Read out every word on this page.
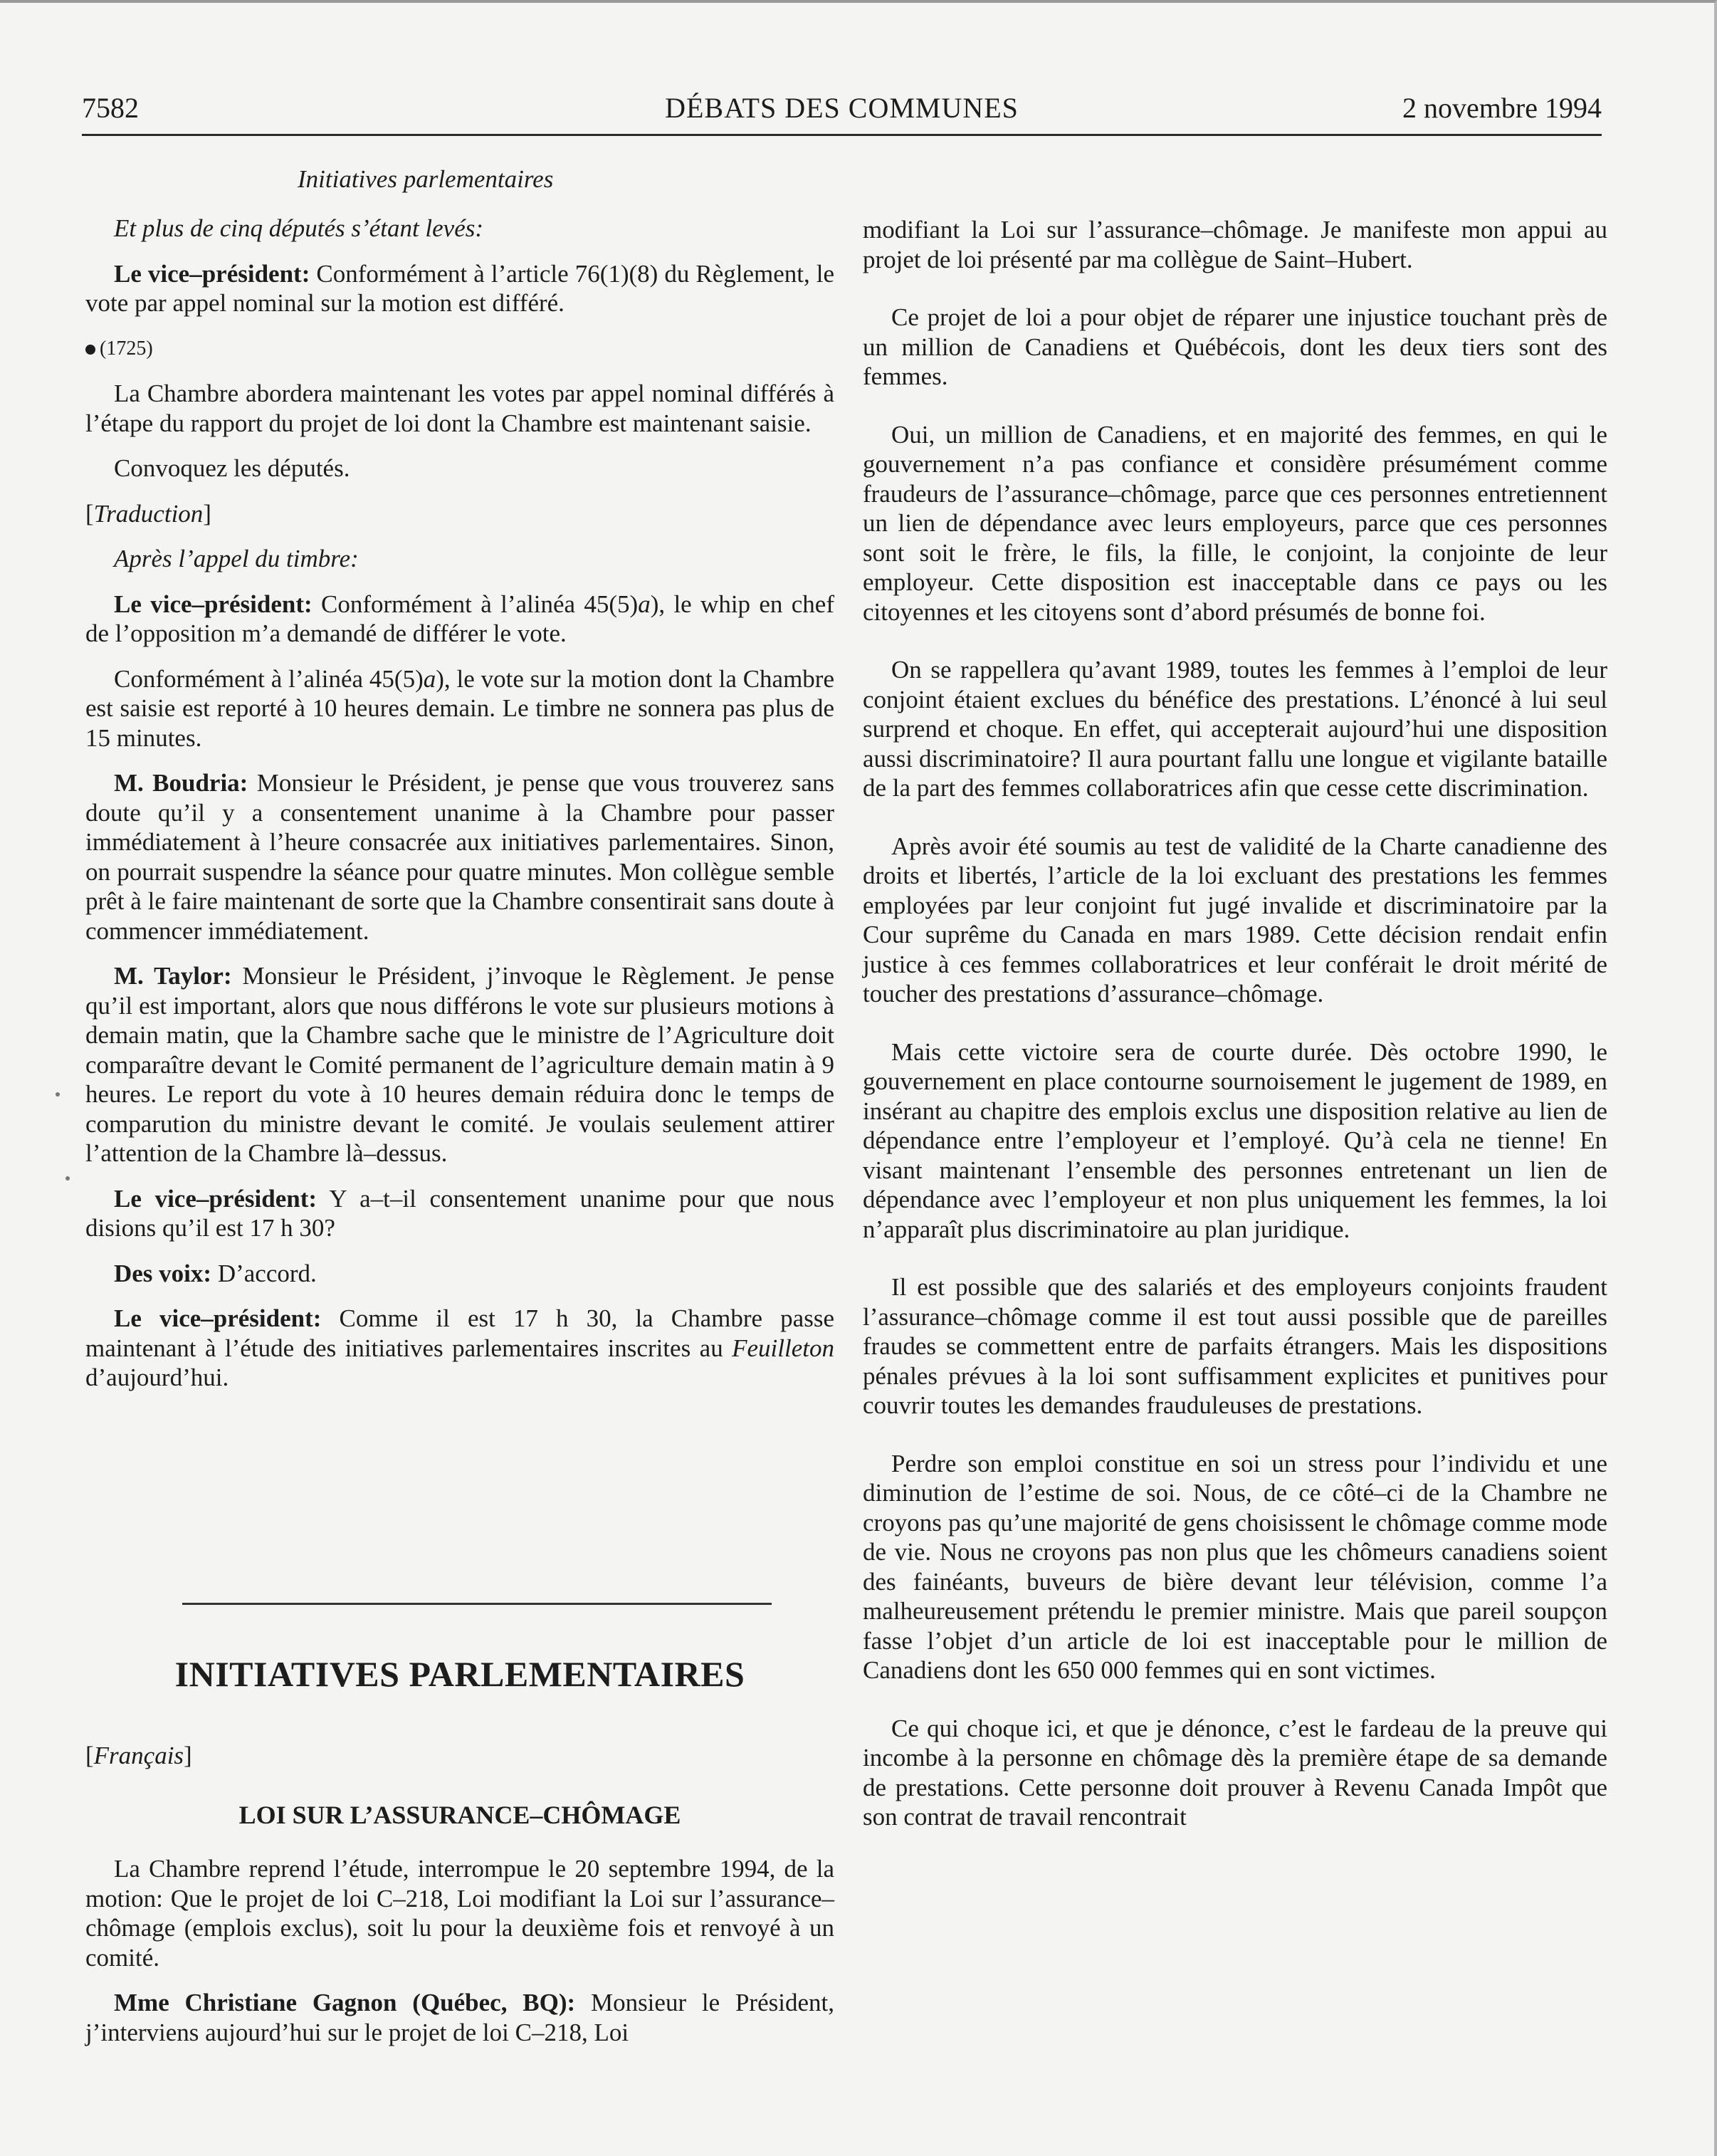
7582	DÉBATS DES COMMUNES	2 novembre 1994
Initiatives parlementaires

Et plus de cinq députés s’étant levés:

Le vice–président: Conformément à l’article 76(1)(8) du Règlement, le vote par appel nominal sur la motion est différé.

(1725)

La Chambre abordera maintenant les votes par appel nominal différés à l’étape du rapport du projet de loi dont la Chambre est maintenant saisie.

Convoquez les députés.

[Traduction]

Après l’appel du timbre:

Le vice–président: Conformément à l’alinéa 45(5)a), le whip en chef de l’opposition m’a demandé de différer le vote.

Conformément à l’alinéa 45(5)a), le vote sur la motion dont la Chambre est saisie est reporté à 10 heures demain. Le timbre ne sonnera pas plus de 15 minutes.

M. Boudria: Monsieur le Président, je pense que vous trouverez sans doute qu’il y a consentement unanime à la Chambre pour passer immédiatement à l’heure consacrée aux initiatives parlementaires. Sinon, on pourrait suspendre la séance pour quatre minutes. Mon collègue semble prêt à le faire maintenant de sorte que la Chambre consentirait sans doute à commencer immédiatement.

M. Taylor: Monsieur le Président, j’invoque le Règlement. Je pense qu’il est important, alors que nous différons le vote sur plusieurs motions à demain matin, que la Chambre sache que le ministre de l’Agriculture doit comparaître devant le Comité permanent de l’agriculture demain matin à 9 heures. Le report du vote à 10 heures demain réduira donc le temps de comparution du ministre devant le comité. Je voulais seulement attirer l’attention de la Chambre là–dessus.

Le vice–président: Y a–t–il consentement unanime pour que nous disions qu’il est 17 h 30?

Des voix: D’accord.

Le vice–président: Comme il est 17 h 30, la Chambre passe maintenant à l’étude des initiatives parlementaires inscrites au Feuilleton d’aujourd’hui.

INITIATIVES PARLEMENTAIRES
[Français]
LOI SUR L’ASSURANCE–CHÔMAGE

La Chambre reprend l’étude, interrompue le 20 septembre 1994, de la motion: Que le projet de loi C–218, Loi modifiant la Loi sur l’assurance–chômage (emplois exclus), soit lu pour la deuxième fois et renvoyé à un comité.

Mme Christiane Gagnon (Québec, BQ): Monsieur le Président, j’interviens aujourd’hui sur le projet de loi C–218, Loi

modifiant la Loi sur l’assurance–chômage. Je manifeste mon appui au projet de loi présenté par ma collègue de Saint–Hubert.

Ce projet de loi a pour objet de réparer une injustice touchant près de un million de Canadiens et Québécois, dont les deux tiers sont des femmes.

Oui, un million de Canadiens, et en majorité des femmes, en qui le gouvernement n’a pas confiance et considère présumément comme fraudeurs de l’assurance–chômage, parce que ces personnes entretiennent un lien de dépendance avec leurs employeurs, parce que ces personnes sont soit le frère, le fils, la fille, le conjoint, la conjointe de leur employeur. Cette disposition est inacceptable dans ce pays ou les citoyennes et les citoyens sont d’abord présumés de bonne foi.

On se rappellera qu’avant 1989, toutes les femmes à l’emploi de leur conjoint étaient exclues du bénéfice des prestations. L’énoncé à lui seul surprend et choque. En effet, qui accepterait aujourd’hui une disposition aussi discriminatoire? Il aura pourtant fallu une longue et vigilante bataille de la part des femmes collaboratrices afin que cesse cette discrimination.

Après avoir été soumis au test de validité de la Charte canadienne des droits et libertés, l’article de la loi excluant des prestations les femmes employées par leur conjoint fut jugé invalide et discriminatoire par la Cour suprême du Canada en mars 1989. Cette décision rendait enfin justice à ces femmes collaboratrices et leur conférait le droit mérité de toucher des prestations d’assurance–chômage.

Mais cette victoire sera de courte durée. Dès octobre 1990, le gouvernement en place contourne sournoisement le jugement de 1989, en insérant au chapitre des emplois exclus une disposition relative au lien de dépendance entre l’employeur et l’employé. Qu’à cela ne tienne! En visant maintenant l’ensemble des personnes entretenant un lien de dépendance avec l’employeur et non plus uniquement les femmes, la loi n’apparaît plus discriminatoire au plan juridique.

Il est possible que des salariés et des employeurs conjoints fraudent l’assurance–chômage comme il est tout aussi possible que de pareilles fraudes se commettent entre de parfaits étrangers. Mais les dispositions pénales prévues à la loi sont suffisamment explicites et punitives pour couvrir toutes les demandes frauduleuses de prestations.

Perdre son emploi constitue en soi un stress pour l’individu et une diminution de l’estime de soi. Nous, de ce côté–ci de la Chambre ne croyons pas qu’une majorité de gens choisissent le chômage comme mode de vie. Nous ne croyons pas non plus que les chômeurs canadiens soient des fainéants, buveurs de bière devant leur télévision, comme l’a malheureusement prétendu le premier ministre. Mais que pareil soupçon fasse l’objet d’un article de loi est inacceptable pour le million de Canadiens dont les 650 000 femmes qui en sont victimes.

Ce qui choque ici, et que je dénonce, c’est le fardeau de la preuve qui incombe à la personne en chômage dès la première étape de sa demande de prestations. Cette personne doit prouver à Revenu Canada Impôt que son contrat de travail rencontrait
